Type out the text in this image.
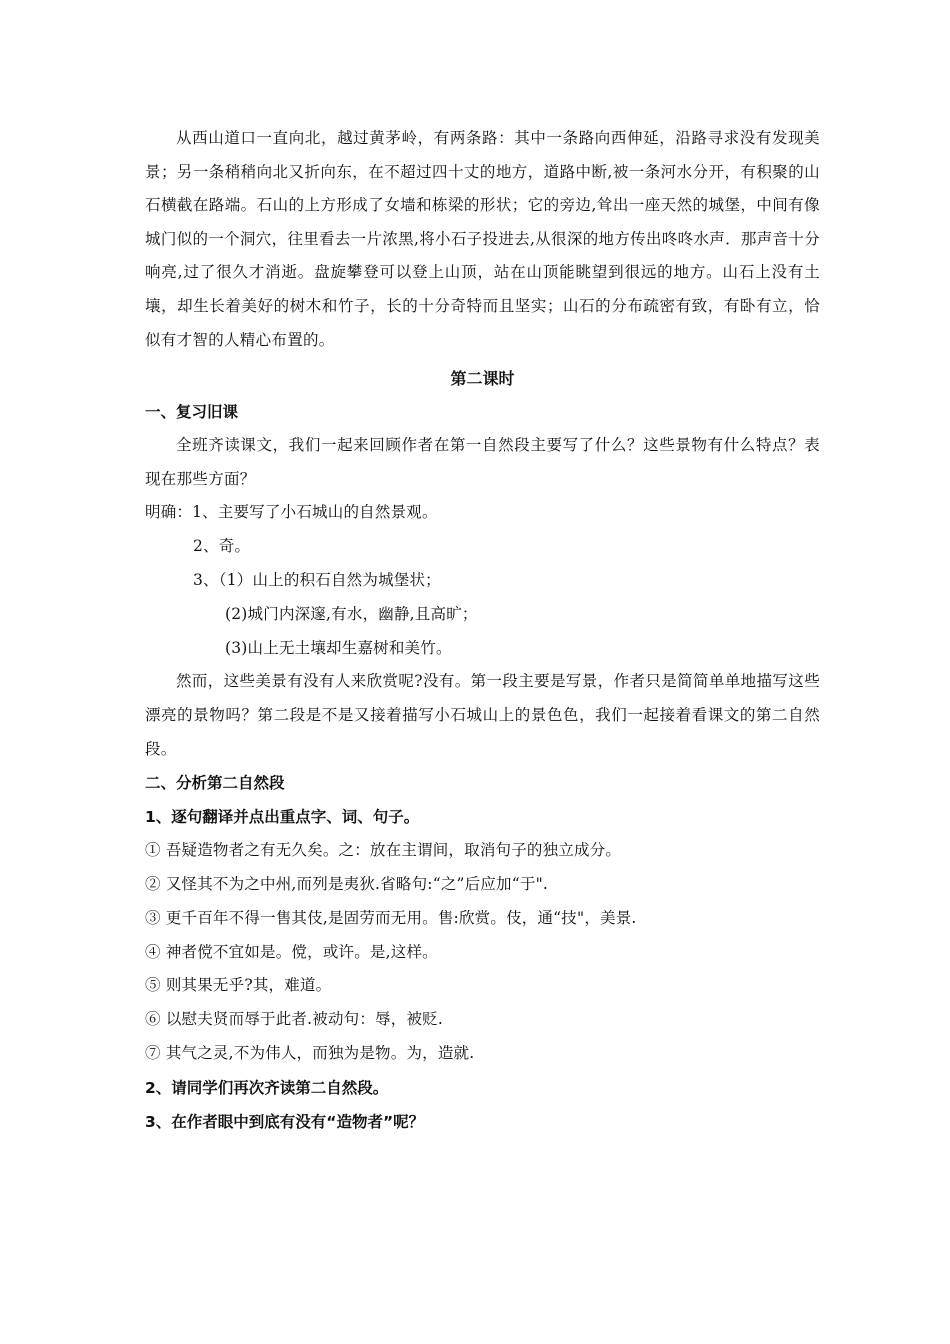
从西山道口一直向北，越过黄茅岭，有两条路：其中一条路向西伸延，沿路寻求没有发现美景；另一条稍稍向北又折向东，在不超过四十丈的地方，道路中断,被一条河水分开，有积聚的山石横截在路端。石山的上方形成了女墙和栋梁的形状；它的旁边,耸出一座天然的城堡，中间有像城门似的一个洞穴，往里看去一片浓黑,将小石子投进去,从很深的地方传出咚咚水声．那声音十分响亮,过了很久才消逝。盘旋攀登可以登上山顶，站在山顶能眺望到很远的地方。山石上没有土壤，却生长着美好的树木和竹子，长的十分奇特而且坚实；山石的分布疏密有致，有卧有立，恰似有才智的人精心布置的。

第二课时
一、复习旧课

全班齐读课文，我们一起来回顾作者在第一自然段主要写了什么？这些景物有什么特点？表现在那些方面？

明确：1、主要写了小石城山的自然景观。

2、奇。

3、（1）山上的积石自然为城堡状；

(2)城门内深邃,有水，幽静,且高旷；

(3)山上无土壤却生嘉树和美竹。

然而，这些美景有没有人来欣赏呢?没有。第一段主要是写景，作者只是简简单单地描写这些漂亮的景物吗？第二段是不是又接着描写小石城山上的景色色，我们一起接着看课文的第二自然段。

二、分析第二自然段
1、逐句翻译并点出重点字、词、句子。

① 吾疑造物者之有无久矣。之：放在主谓间，取消句子的独立成分。

② 又怪其不为之中州,而列是夷狄.省略句:“之”后应加“于".

③ 更千百年不得一售其伎,是固劳而无用。售:欣赏。伎，通“技"，美景.

④ 神者傥不宜如是。傥，或许。是,这样。

⑤ 则其果无乎?其，难道。

⑥ 以慰夫贤而辱于此者.被动句：辱，被贬.

⑦ 其气之灵,不为伟人，而独为是物。为，造就.

2、请同学们再次齐读第二自然段。
3、在作者眼中到底有没有“造物者”呢？
